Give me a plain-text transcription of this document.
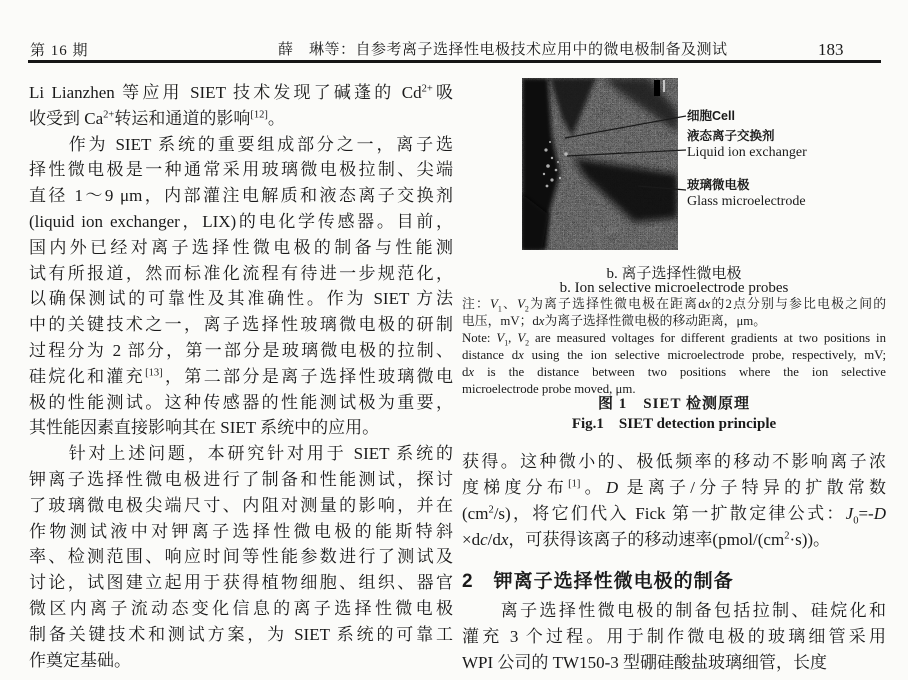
第 16 期	薛　琳等：自参考离子选择性电极技术应用中的微电极制备及测试	183
Li Lianzhen 等应用 SIET 技术发现了碱蓬的 $Cd^{2+}$吸
收受到 $Ca^{2+}$转运和通道的影响[12]。
　　作为 SIET 系统的重要组成部分之一，离子选
择性微电极是一种通常采用玻璃微电极拉制、尖端
直径 1～9 μm，内部灌注电解质和液态离子交换剂
(liquid ion exchanger，LIX)的电化学传感器。目前，
国内外已经对离子选择性微电极的制备与性能测
试有所报道，然而标准化流程有待进一步规范化，
以确保测试的可靠性及其准确性。作为 SIET 方法
中的关键技术之一，离子选择性玻璃微电极的研制
过程分为 2 部分，第一部分是玻璃微电极的拉制、
硅烷化和灌充[13]，第二部分是离子选择性玻璃微电
极的性能测试。这种传感器的性能测试极为重要，
其性能因素直接影响其在 SIET 系统中的应用。
　　针对上述问题，本研究针对用于 SIET 系统的
钾离子选择性微电极进行了制备和性能测试，探讨
了玻璃微电极尖端尺寸、内阻对测量的影响，并在
作物测试液中对钾离子选择性微电极的能斯特斜
率、检测范围、响应时间等性能参数进行了测试及
讨论，试图建立起用于获得植物细胞、组织、器官
微区内离子流动态变化信息的离子选择性微电极
制备关键技术和测试方案，为 SIET 系统的可靠工
作奠定基础。
100 μm
细胞Cell
液态离子交换剂
Liquid ion exchanger
玻璃微电极
Glass microelectrode
b. 离子选择性微电极
b. Ion selective microelectrode probes
注：$V_1$、$V_2$为离子选择性微电极在距离dx的2点分别与参比电极之间的
电压，mV；dx为离子选择性微电极的移动距离，μm。
Note: $V_1$, $V_2$ are measured voltages for different gradients at two positions in
distance dx using the ion selective microelectrode probe, respectively, mV;
dx is the distance between two positions where the ion selective
microelectrode probe moved, μm.
图 1　SIET 检测原理
Fig.1　SIET detection principle
获得。这种微小的、极低频率的移动不影响离子浓
度梯度分布[1]。D 是离子/分子特异的扩散常数
$(cm^2/s)$，将它们代入 Fick 第一扩散定律公式：$J_0=-D$
×dc/dx，可获得该离子的移动速率$(pmol/(cm^2\cdot s))$。
2　钾离子选择性微电极的制备
　　离子选择性微电极的制备包括拉制、硅烷化和
灌充 3 个过程。用于制作微电极的玻璃细管采用
WPI 公司的 TW150-3 型硼硅酸盐玻璃细管，长度
